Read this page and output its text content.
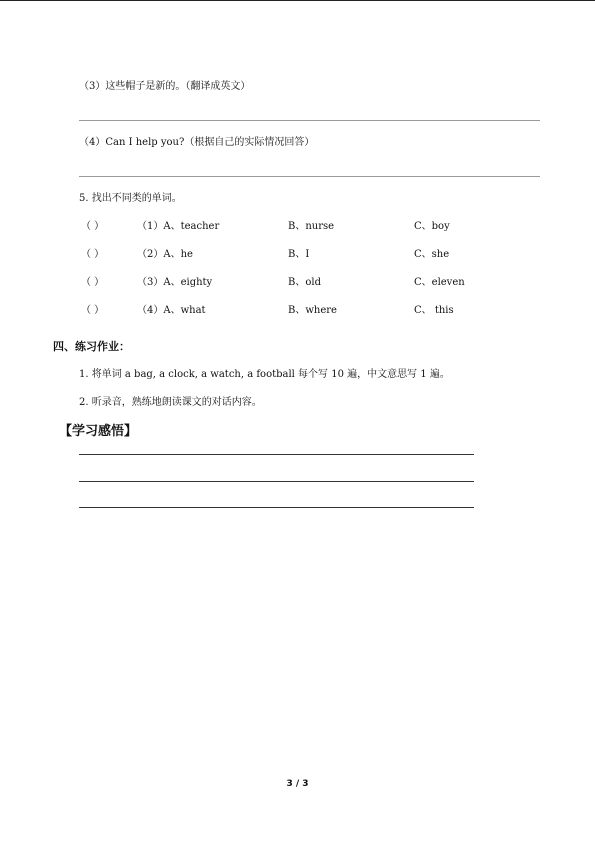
（3）这些帽子是新的。（翻译成英文）
（4）Can I help you?（根据自己的实际情况回答）
5. 找出不同类的单词。
（ ）	（1）A、teacher	B、nurse	C、boy
（ ）	（2）A、he	B、I	C、she
（ ）	（3）A、eighty	B、old	C、eleven
（ ）	（4）A、what	B、where	C、 this
四、练习作业：
1. 将单词 a bag, a clock, a watch, a football 每个写 10 遍，中文意思写 1 遍。
2. 听录音，熟练地朗读课文的对话内容。
【学习感悟】
3 / 3
